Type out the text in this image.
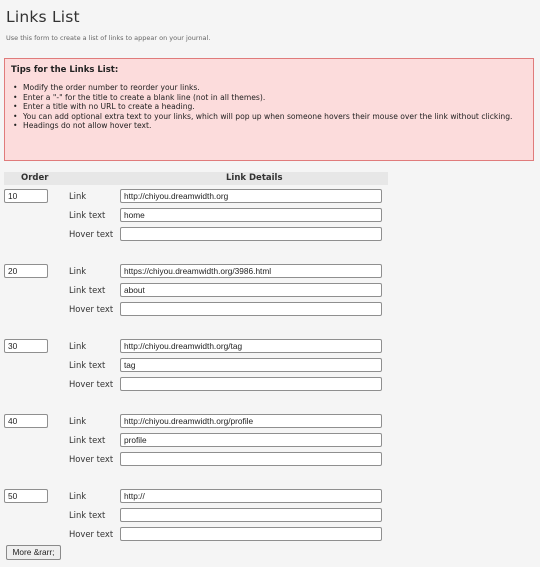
Links List

Use this form to create a list of links to appear on your journal.

Tips for the Links List:
• Modify the order number to reorder your links.
• Enter a "-" for the title to create a blank line (not in all themes).
• Enter a title with no URL to create a heading.
• You can add optional extra text to your links, which will pop up when someone hovers their mouse over the link without clicking.
• Headings do not allow hover text.
Order	Link Details
10
Link
http://chiyou.dreamwidth.org
Link text
home
Hover text
20
Link
https://chiyou.dreamwidth.org/3986.html
Link text
about
Hover text
30
Link
http://chiyou.dreamwidth.org/tag
Link text
tag
Hover text
40
Link
http://chiyou.dreamwidth.org/profile
Link text
profile
Hover text
50
Link
http://
Link text
Hover text
More &rarr;
